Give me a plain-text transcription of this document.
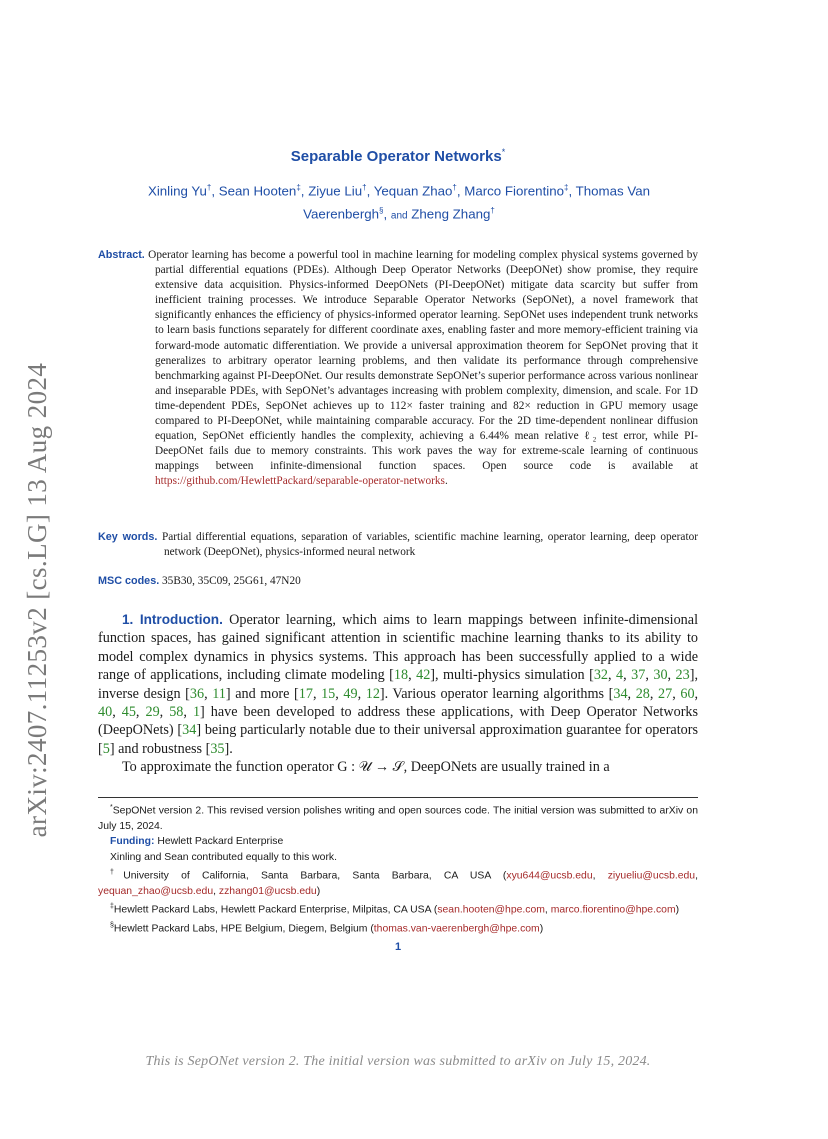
arXiv:2407.11253v2 [cs.LG] 13 Aug 2024
Separable Operator Networks*
Xinling Yu†, Sean Hooten‡, Ziyue Liu†, Yequan Zhao†, Marco Fiorentino‡, Thomas Van
Vaerenbergh§, and Zheng Zhang†
Abstract. Operator learning has become a powerful tool in machine learning for modeling complex physical systems governed by partial differential equations (PDEs). Although Deep Operator Networks (DeepONet) show promise, they require extensive data acquisition. Physics-informed DeepONets (PI-DeepONet) mitigate data scarcity but suffer from inefficient training processes. We introduce Separable Operator Networks (SepONet), a novel framework that significantly enhances the efficiency of physics-informed operator learning. SepONet uses independent trunk networks to learn basis functions separately for different coordinate axes, enabling faster and more memory-efficient training via forward-mode automatic differentiation. We provide a universal approximation theorem for SepONet proving that it generalizes to arbitrary operator learning problems, and then validate its performance through comprehensive benchmarking against PI-DeepONet. Our results demonstrate SepONet’s superior performance across various nonlinear and inseparable PDEs, with SepONet’s advantages increasing with problem complexity, dimension, and scale. For 1D time-dependent PDEs, SepONet achieves up to 112× faster training and 82× reduction in GPU memory usage compared to PI-DeepONet, while maintaining comparable accuracy. For the 2D time-dependent nonlinear diffusion equation, SepONet efficiently handles the complexity, achieving a 6.44% mean relative ℓ₂ test error, while PI-DeepONet fails due to memory constraints. This work paves the way for extreme-scale learning of continuous mappings between infinite-dimensional function spaces. Open source code is available at https://github.com/HewlettPackard/separable-operator-networks.
Key words. Partial differential equations, separation of variables, scientific machine learning, operator learning, deep operator network (DeepONet), physics-informed neural network
MSC codes. 35B30, 35C09, 25G61, 47N20

1. Introduction. Operator learning, which aims to learn mappings between infinite-dimensional function spaces, has gained significant attention in scientific machine learning thanks to its ability to model complex dynamics in physics systems. This approach has been successfully applied to a wide range of applications, including climate modeling [18, 42], multi-physics simulation [32, 4, 37, 30, 23], inverse design [36, 11] and more [17, 15, 49, 12]. Various operator learning algorithms [34, 28, 27, 60, 40, 45, 29, 58, 1] have been developed to address these applications, with Deep Operator Networks (DeepONets) [34] being particularly notable due to their universal approximation guarantee for operators [5] and robustness [35].

To approximate the function operator G : 𝒰 → 𝒮, DeepONets are usually trained in a

*SepONet version 2. This revised version polishes writing and open sources code. The initial version was submitted to arXiv on July 15, 2024.

Funding: Hewlett Packard Enterprise

Xinling and Sean contributed equally to this work.

†University of California, Santa Barbara, Santa Barbara, CA USA (xyu644@ucsb.edu, ziyueliu@ucsb.edu, yequan_zhao@ucsb.edu, zzhang01@ucsb.edu)

‡Hewlett Packard Labs, Hewlett Packard Enterprise, Milpitas, CA USA (sean.hooten@hpe.com, marco.fiorentino@hpe.com)

§Hewlett Packard Labs, HPE Belgium, Diegem, Belgium (thomas.van-vaerenbergh@hpe.com)

1
This is SepONet version 2. The initial version was submitted to arXiv on July 15, 2024.
